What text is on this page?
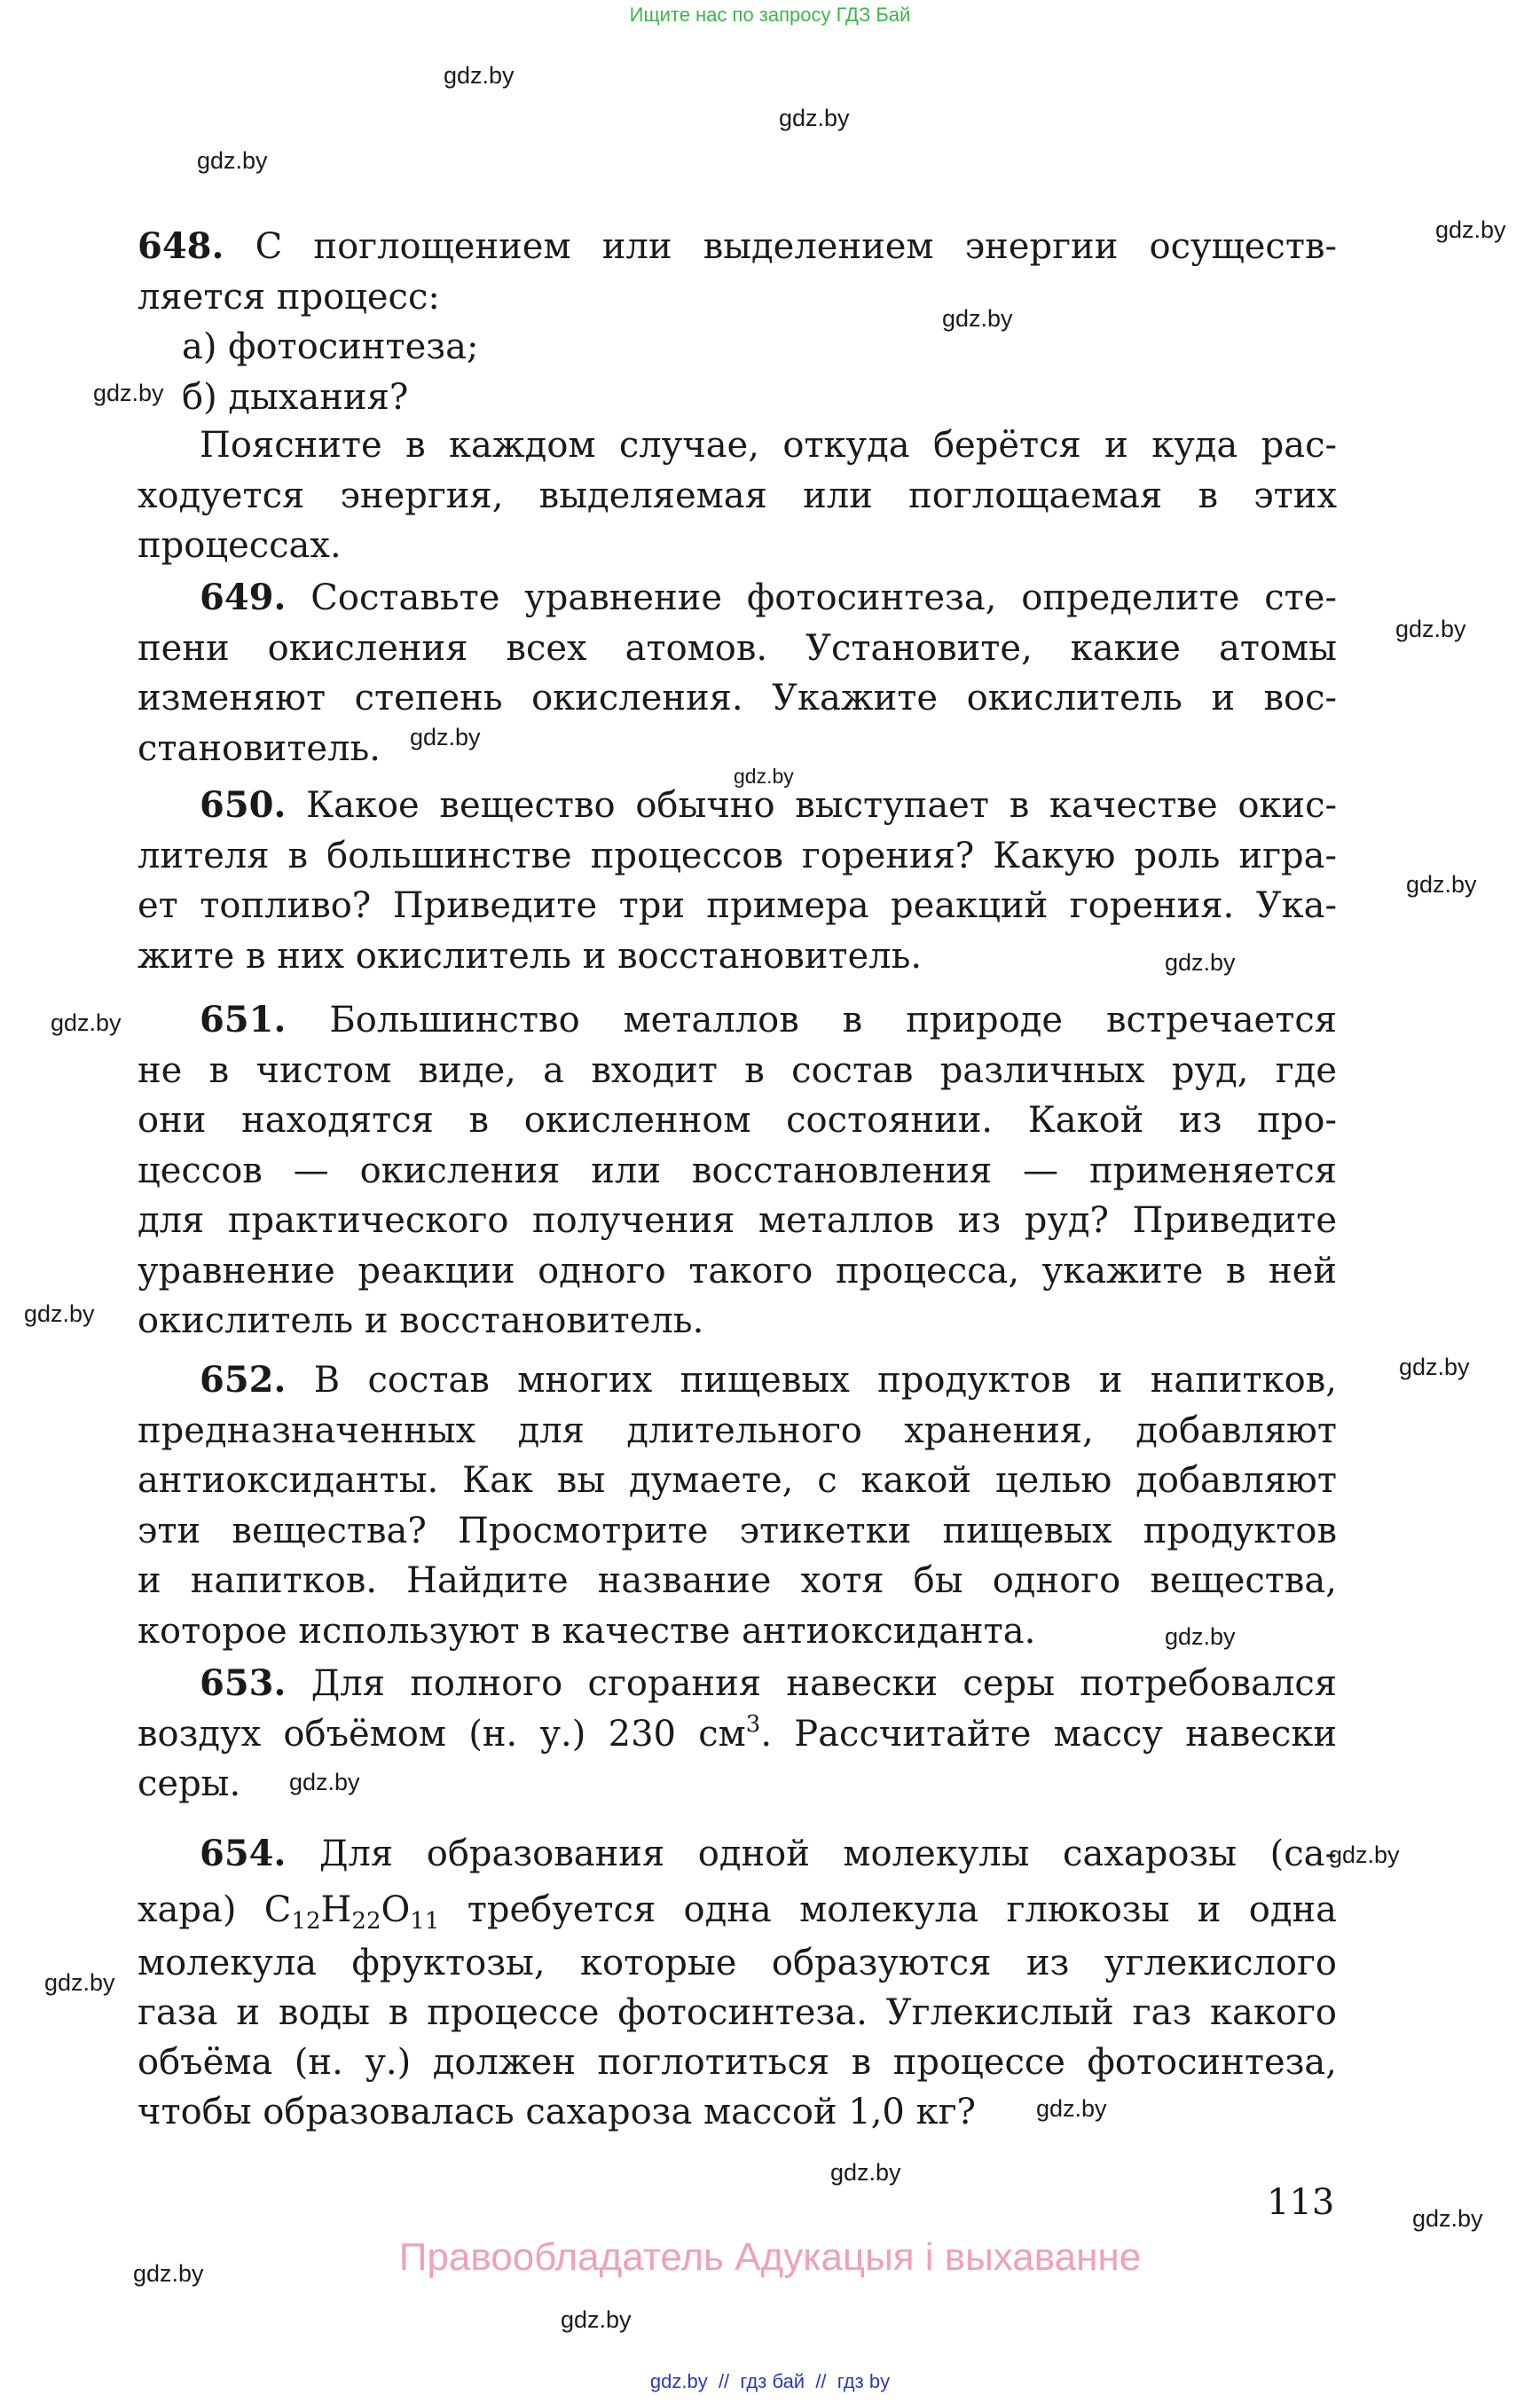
Ищите нас по запросу ГДЗ Бай
gdz.by
gdz.by
gdz.by
gdz.by
gdz.by
gdz.by
gdz.by
gdz.by
gdz.by
gdz.by
gdz.by
gdz.by
gdz.by
gdz.by
gdz.by
gdz.by
gdz.by
gdz.by
gdz.by
gdz.by
gdz.by
gdz.by
gdz.by
648. С поглощением или выделением энергии осуществ-
ляется процесс:
а) фотосинтеза;
б) дыхания?
Поясните в каждом случае, откуда берётся и куда рас-
ходуется энергия, выделяемая или поглощаемая в этих
процессах.
649. Составьте уравнение фотосинтеза, определите сте-
пени окисления всех атомов. Установите, какие атомы
изменяют степень окисления. Укажите окислитель и вос-
становитель.
650. Какое вещество обычно выступает в качестве окис-
лителя в большинстве процессов горения? Какую роль игра-
ет топливо? Приведите три примера реакций горения. Ука-
жите в них окислитель и восстановитель.
651. Большинство металлов в природе встречается
не в чистом виде, а входит в состав различных руд, где
они находятся в окисленном состоянии. Какой из про-
цессов — окисления или восстановления — применяется
для практического получения металлов из руд? Приведите
уравнение реакции одного такого процесса, укажите в ней
окислитель и восстановитель.
652. В состав многих пищевых продуктов и напитков,
предназначенных для длительного хранения, добавляют
антиоксиданты. Как вы думаете, с какой целью добавляют
эти вещества? Просмотрите этикетки пищевых продуктов
и напитков. Найдите название хотя бы одного вещества,
которое используют в качестве антиоксиданта.
653. Для полного сгорания навески серы потребовался
воздух объёмом (н. у.) 230 $см^3$. Рассчитайте массу навески
серы.
654. Для образования одной молекулы сахарозы (са-
хара) $C_{12}H_{22}O_{11}$ требуется одна молекула глюкозы и одна
молекула фруктозы, которые образуются из углекислого
газа и воды в процессе фотосинтеза. Углекислый газ какого
объёма (н. у.) должен поглотиться в процессе фотосинтеза,
чтобы образовалась сахароза массой 1,0 кг?
113
Правообладатель Адукацыя і выхаванне
gdz.by  //  гдз бай  //  гдз by
